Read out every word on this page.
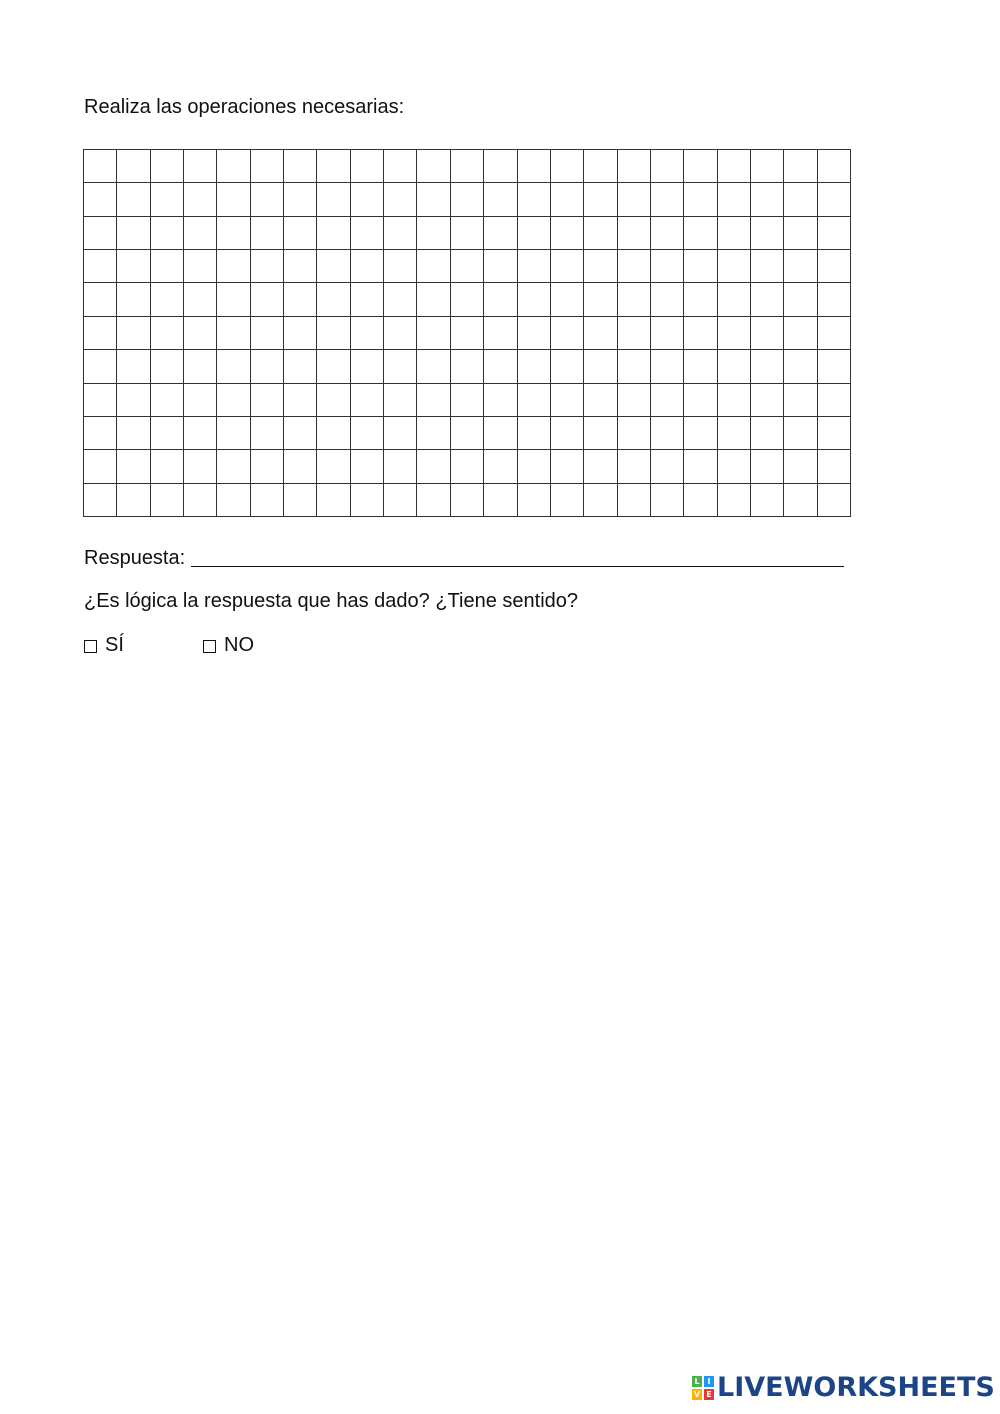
Realiza las operaciones necesarias:
Respuesta:
¿Es lógica la respuesta que has dado? ¿Tiene sentido?
SÍ	NO
L I
V E LIVEWORKSHEETS
